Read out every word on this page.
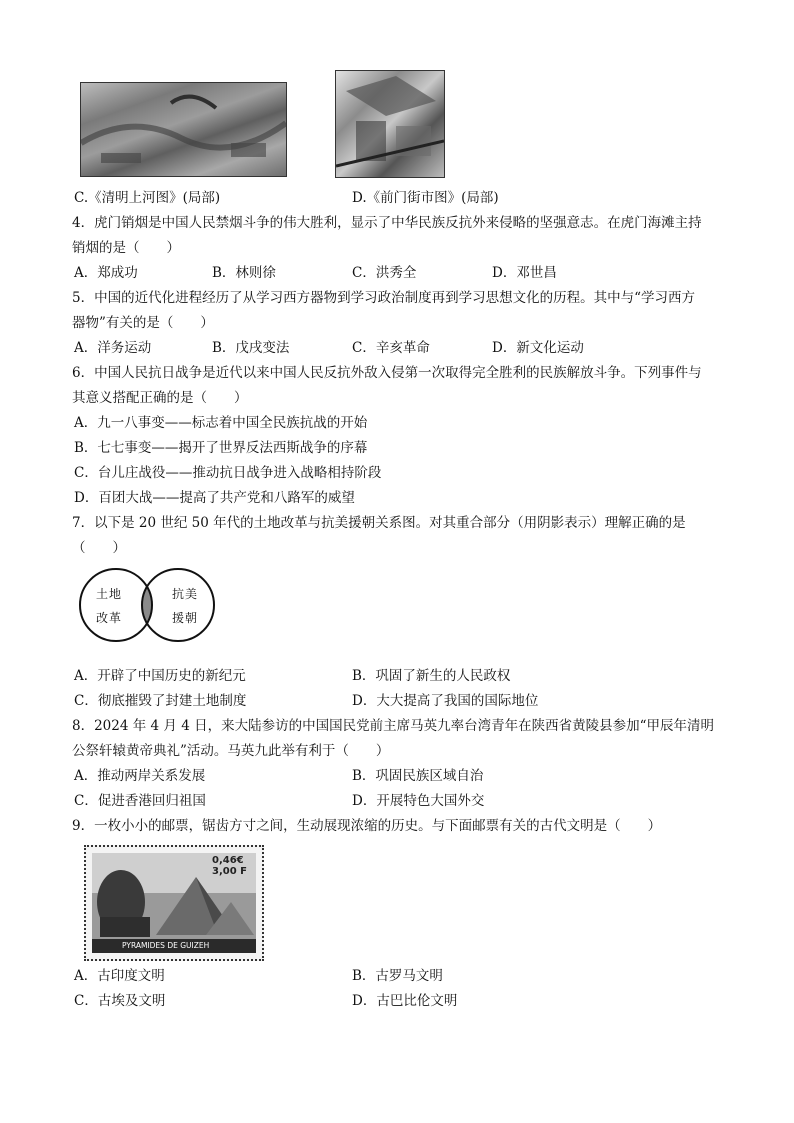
C.《清明上河图》(局部)	D.《前门街市图》(局部)
4．虎门销烟是中国人民禁烟斗争的伟大胜利，显示了中华民族反抗外来侵略的坚强意志。在虎门海滩主持
销烟的是（　　）
A．郑成功	B．林则徐	C．洪秀全	D．邓世昌
5．中国的近代化进程经历了从学习西方器物到学习政治制度再到学习思想文化的历程。其中与“学习西方
器物”有关的是（　　）
A．洋务运动	B．戊戌变法	C．辛亥革命	D．新文化运动
6．中国人民抗日战争是近代以来中国人民反抗外敌入侵第一次取得完全胜利的民族解放斗争。下列事件与
其意义搭配正确的是（　　）
A．九一八事变——标志着中国全民族抗战的开始
B．七七事变——揭开了世界反法西斯战争的序幕
C．台儿庄战役——推动抗日战争进入战略相持阶段
D．百团大战——提高了共产党和八路军的威望
7．以下是 20 世纪 50 年代的土地改革与抗美援朝关系图。对其重合部分（用阴影表示）理解正确的是
（　　）
土地
改革
抗美
援朝
A．开辟了中国历史的新纪元	B．巩固了新生的人民政权
C．彻底摧毁了封建土地制度	D．大大提高了我国的国际地位
8．2024 年 4 月 4 日，来大陆参访的中国国民党前主席马英九率台湾青年在陕西省黄陵县参加“甲辰年清明
公祭轩辕黄帝典礼”活动。马英九此举有利于（　　）
A．推动两岸关系发展	B．巩固民族区域自治
C．促进香港回归祖国	D．开展特色大国外交
9．一枚小小的邮票，锯齿方寸之间，生动展现浓缩的历史。与下面邮票有关的古代文明是（　　）
0,46€
3,00 F
PYRAMIDES DE GUIZEH
A．古印度文明	B．古罗马文明
C．古埃及文明	D．古巴比伦文明
